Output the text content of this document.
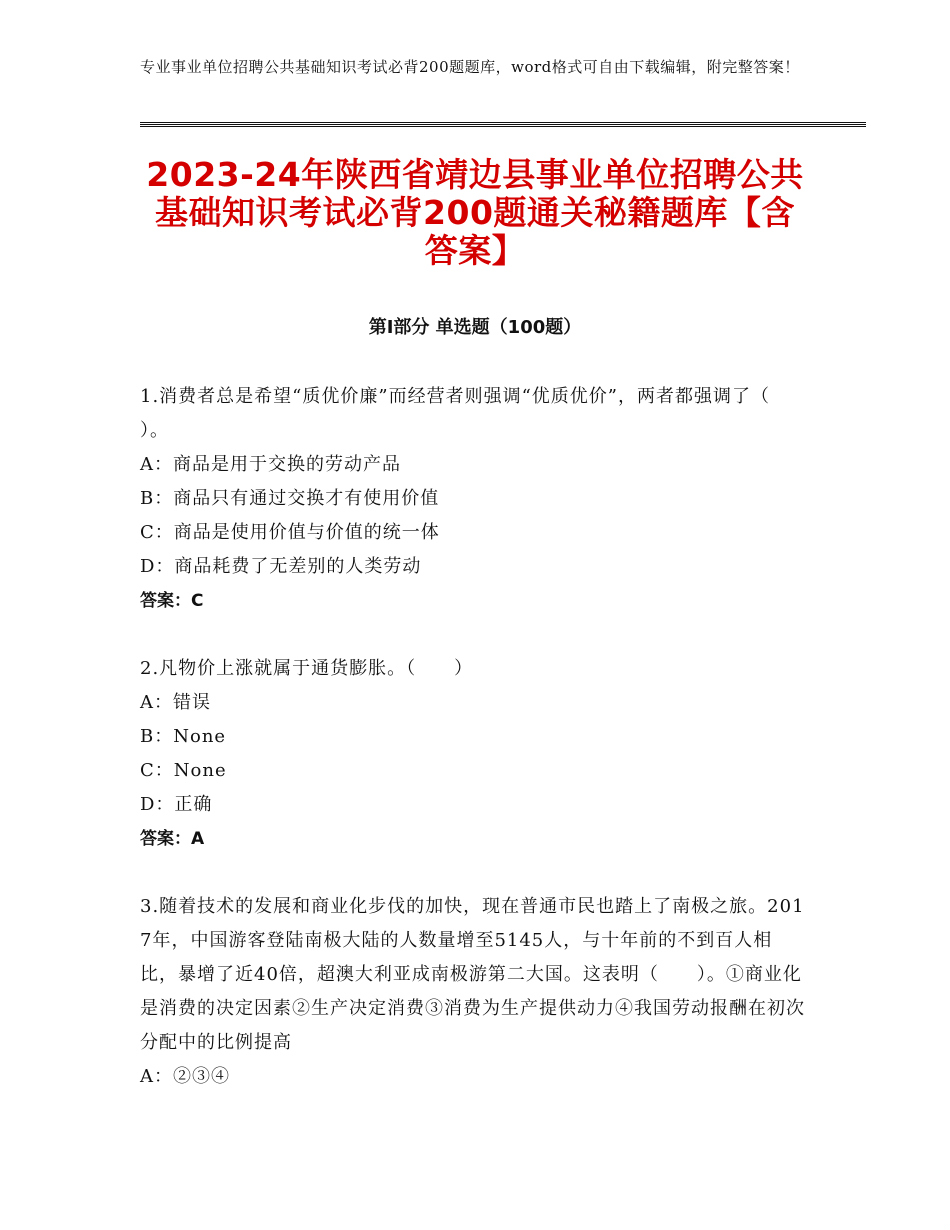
专业事业单位招聘公共基础知识考试必背200题题库，word格式可自由下载编辑，附完整答案！
2023-24年陕西省靖边县事业单位招聘公共基础知识考试必背200题通关秘籍题库【含答案】
第Ⅰ部分 单选题（100题）
1.消费者总是希望“质优价廉”而经营者则强调“优质优价”，两者都强调了（　　）。
A：商品是用于交换的劳动产品
B：商品只有通过交换才有使用价值
C：商品是使用价值与价值的统一体
D：商品耗费了无差别的人类劳动
答案：C
2.凡物价上涨就属于通货膨胀。（　　）
A：错误
B：None
C：None
D：正确
答案：A
3.随着技术的发展和商业化步伐的加快，现在普通市民也踏上了南极之旅。2017年，中国游客登陆南极大陆的人数量增至5145人，与十年前的不到百人相比，暴增了近40倍，超澳大利亚成南极游第二大国。这表明（　　）。①商业化是消费的决定因素②生产决定消费③消费为生产提供动力④我国劳动报酬在初次分配中的比例提高
A：②③④
